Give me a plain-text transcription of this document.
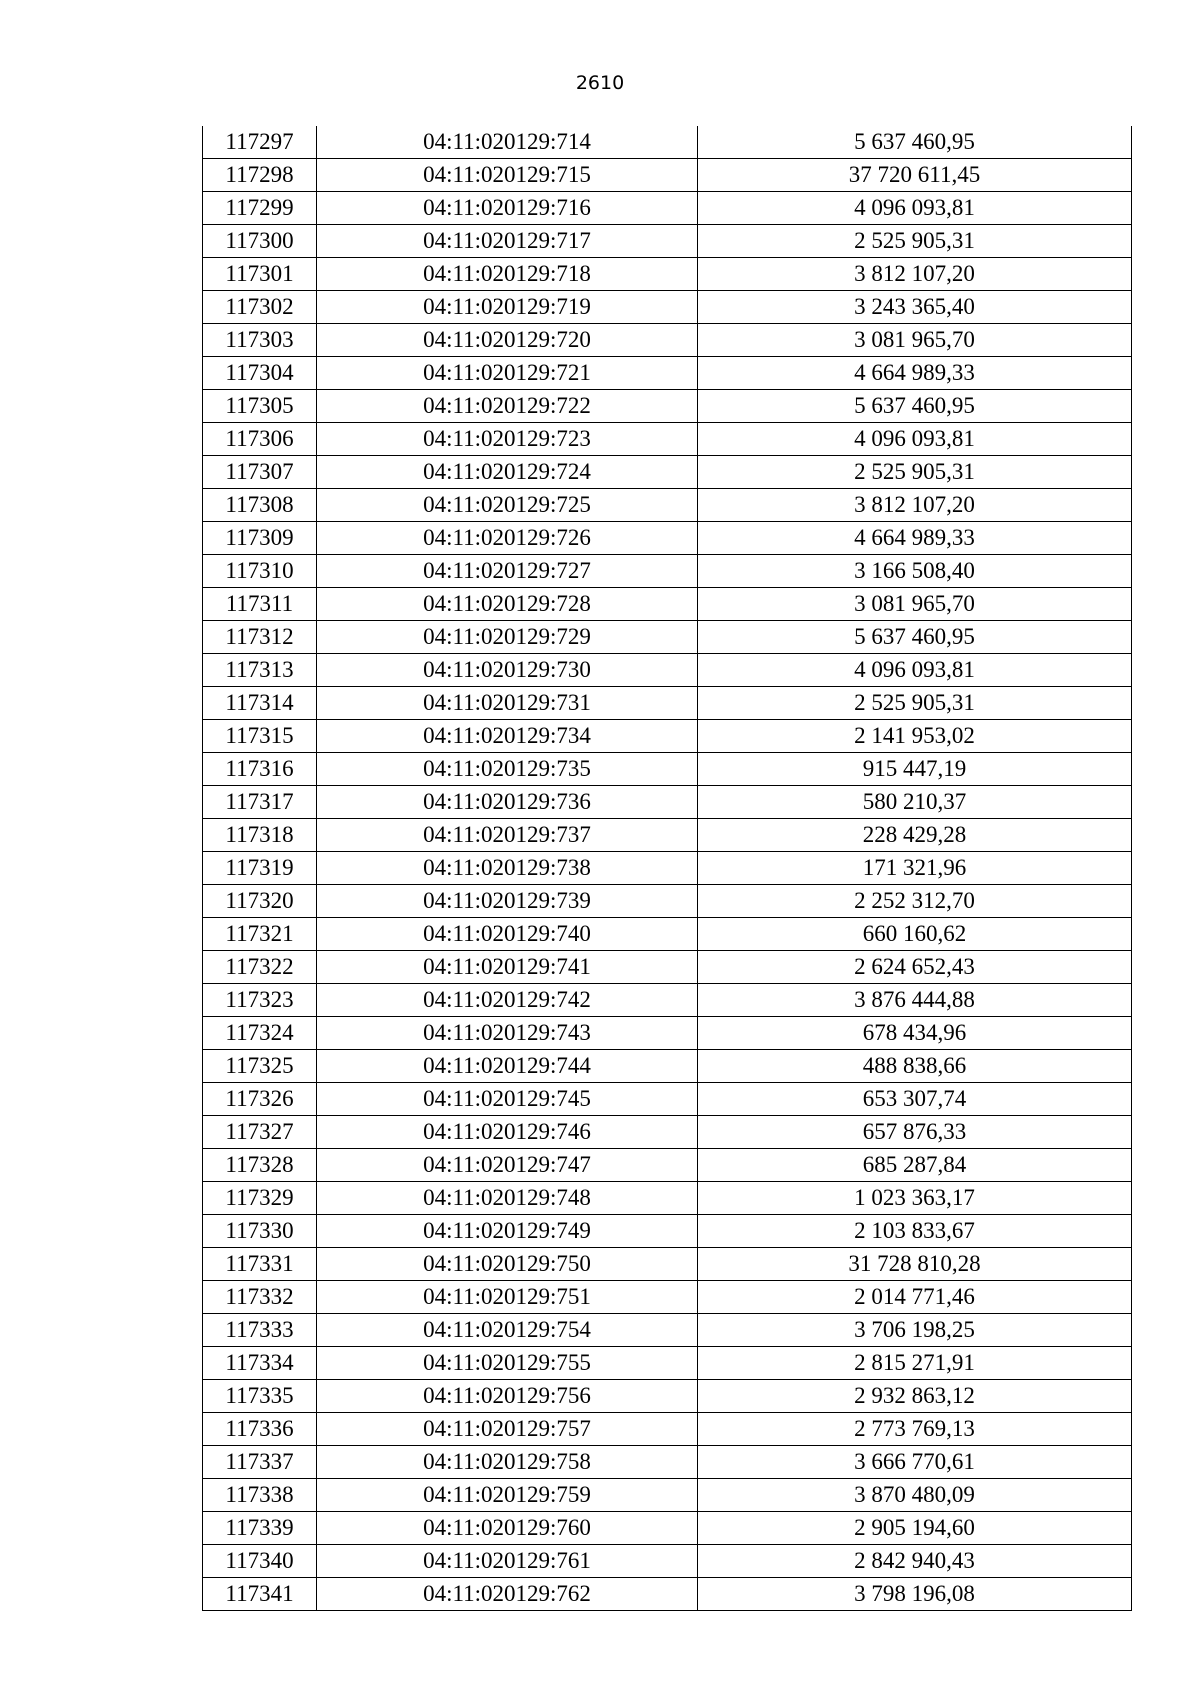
2610
117297	04:11:020129:714	5 637 460,95
117298	04:11:020129:715	37 720 611,45
117299	04:11:020129:716	4 096 093,81
117300	04:11:020129:717	2 525 905,31
117301	04:11:020129:718	3 812 107,20
117302	04:11:020129:719	3 243 365,40
117303	04:11:020129:720	3 081 965,70
117304	04:11:020129:721	4 664 989,33
117305	04:11:020129:722	5 637 460,95
117306	04:11:020129:723	4 096 093,81
117307	04:11:020129:724	2 525 905,31
117308	04:11:020129:725	3 812 107,20
117309	04:11:020129:726	4 664 989,33
117310	04:11:020129:727	3 166 508,40
117311	04:11:020129:728	3 081 965,70
117312	04:11:020129:729	5 637 460,95
117313	04:11:020129:730	4 096 093,81
117314	04:11:020129:731	2 525 905,31
117315	04:11:020129:734	2 141 953,02
117316	04:11:020129:735	915 447,19
117317	04:11:020129:736	580 210,37
117318	04:11:020129:737	228 429,28
117319	04:11:020129:738	171 321,96
117320	04:11:020129:739	2 252 312,70
117321	04:11:020129:740	660 160,62
117322	04:11:020129:741	2 624 652,43
117323	04:11:020129:742	3 876 444,88
117324	04:11:020129:743	678 434,96
117325	04:11:020129:744	488 838,66
117326	04:11:020129:745	653 307,74
117327	04:11:020129:746	657 876,33
117328	04:11:020129:747	685 287,84
117329	04:11:020129:748	1 023 363,17
117330	04:11:020129:749	2 103 833,67
117331	04:11:020129:750	31 728 810,28
117332	04:11:020129:751	2 014 771,46
117333	04:11:020129:754	3 706 198,25
117334	04:11:020129:755	2 815 271,91
117335	04:11:020129:756	2 932 863,12
117336	04:11:020129:757	2 773 769,13
117337	04:11:020129:758	3 666 770,61
117338	04:11:020129:759	3 870 480,09
117339	04:11:020129:760	2 905 194,60
117340	04:11:020129:761	2 842 940,43
117341	04:11:020129:762	3 798 196,08
